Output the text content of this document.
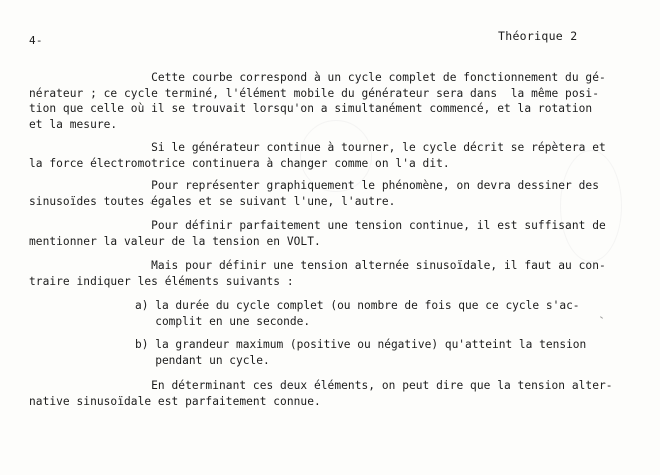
4-	Théorique 2
Cette courbe correspond à un cycle complet de fonctionnement du gé-
nérateur ; ce cycle terminé, l'élément mobile du générateur sera dans  la même posi-
tion que celle où il se trouvait lorsqu'on a simultanément commencé, et la rotation
et la mesure.
Si le générateur continue à tourner, le cycle décrit se répètera et
la force électromotrice continuera à changer comme on l'a dit.
Pour représenter graphiquement le phénomène, on devra dessiner des
sinusoïdes toutes égales et se suivant l'une, l'autre.
Pour définir parfaitement une tension continue, il est suffisant de
mentionner la valeur de la tension en VOLT.
Mais pour définir une tension alternée sinusoïdale, il faut au con-
traire indiquer les éléments suivants :
a) la durée du cycle complet (ou nombre de fois que ce cycle s'ac-
complit en une seconde.
b) la grandeur maximum (positive ou négative) qu'atteint la tension
pendant un cycle.
En déterminant ces deux éléments, on peut dire que la tension alter-
native sinusoïdale est parfaitement connue.
